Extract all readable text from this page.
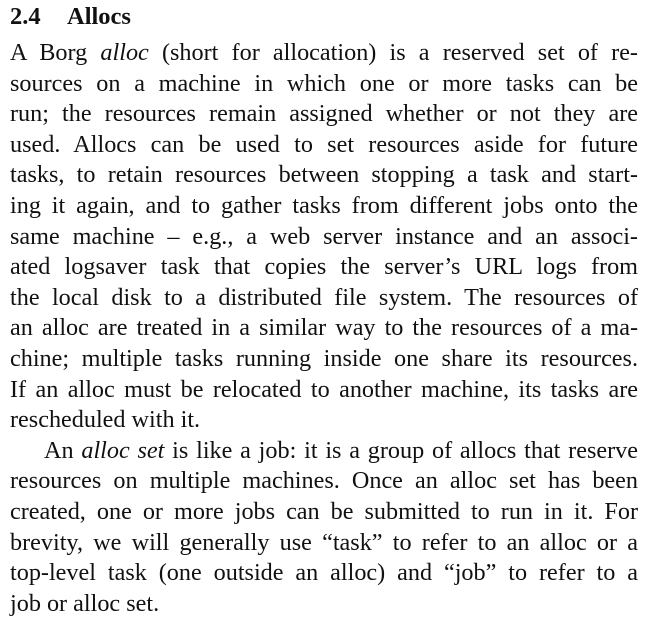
2.4 Allocs
A Borg alloc (short for allocation) is a reserved set of re-
sources on a machine in which one or more tasks can be
run; the resources remain assigned whether or not they are
used. Allocs can be used to set resources aside for future
tasks, to retain resources between stopping a task and start-
ing it again, and to gather tasks from different jobs onto the
same machine – e.g., a web server instance and an associ-
ated logsaver task that copies the server’s URL logs from
the local disk to a distributed file system. The resources of
an alloc are treated in a similar way to the resources of a ma-
chine; multiple tasks running inside one share its resources.
If an alloc must be relocated to another machine, its tasks are
rescheduled with it.
An alloc set is like a job: it is a group of allocs that reserve
resources on multiple machines. Once an alloc set has been
created, one or more jobs can be submitted to run in it. For
brevity, we will generally use “task” to refer to an alloc or a
top-level task (one outside an alloc) and “job” to refer to a
job or alloc set.
